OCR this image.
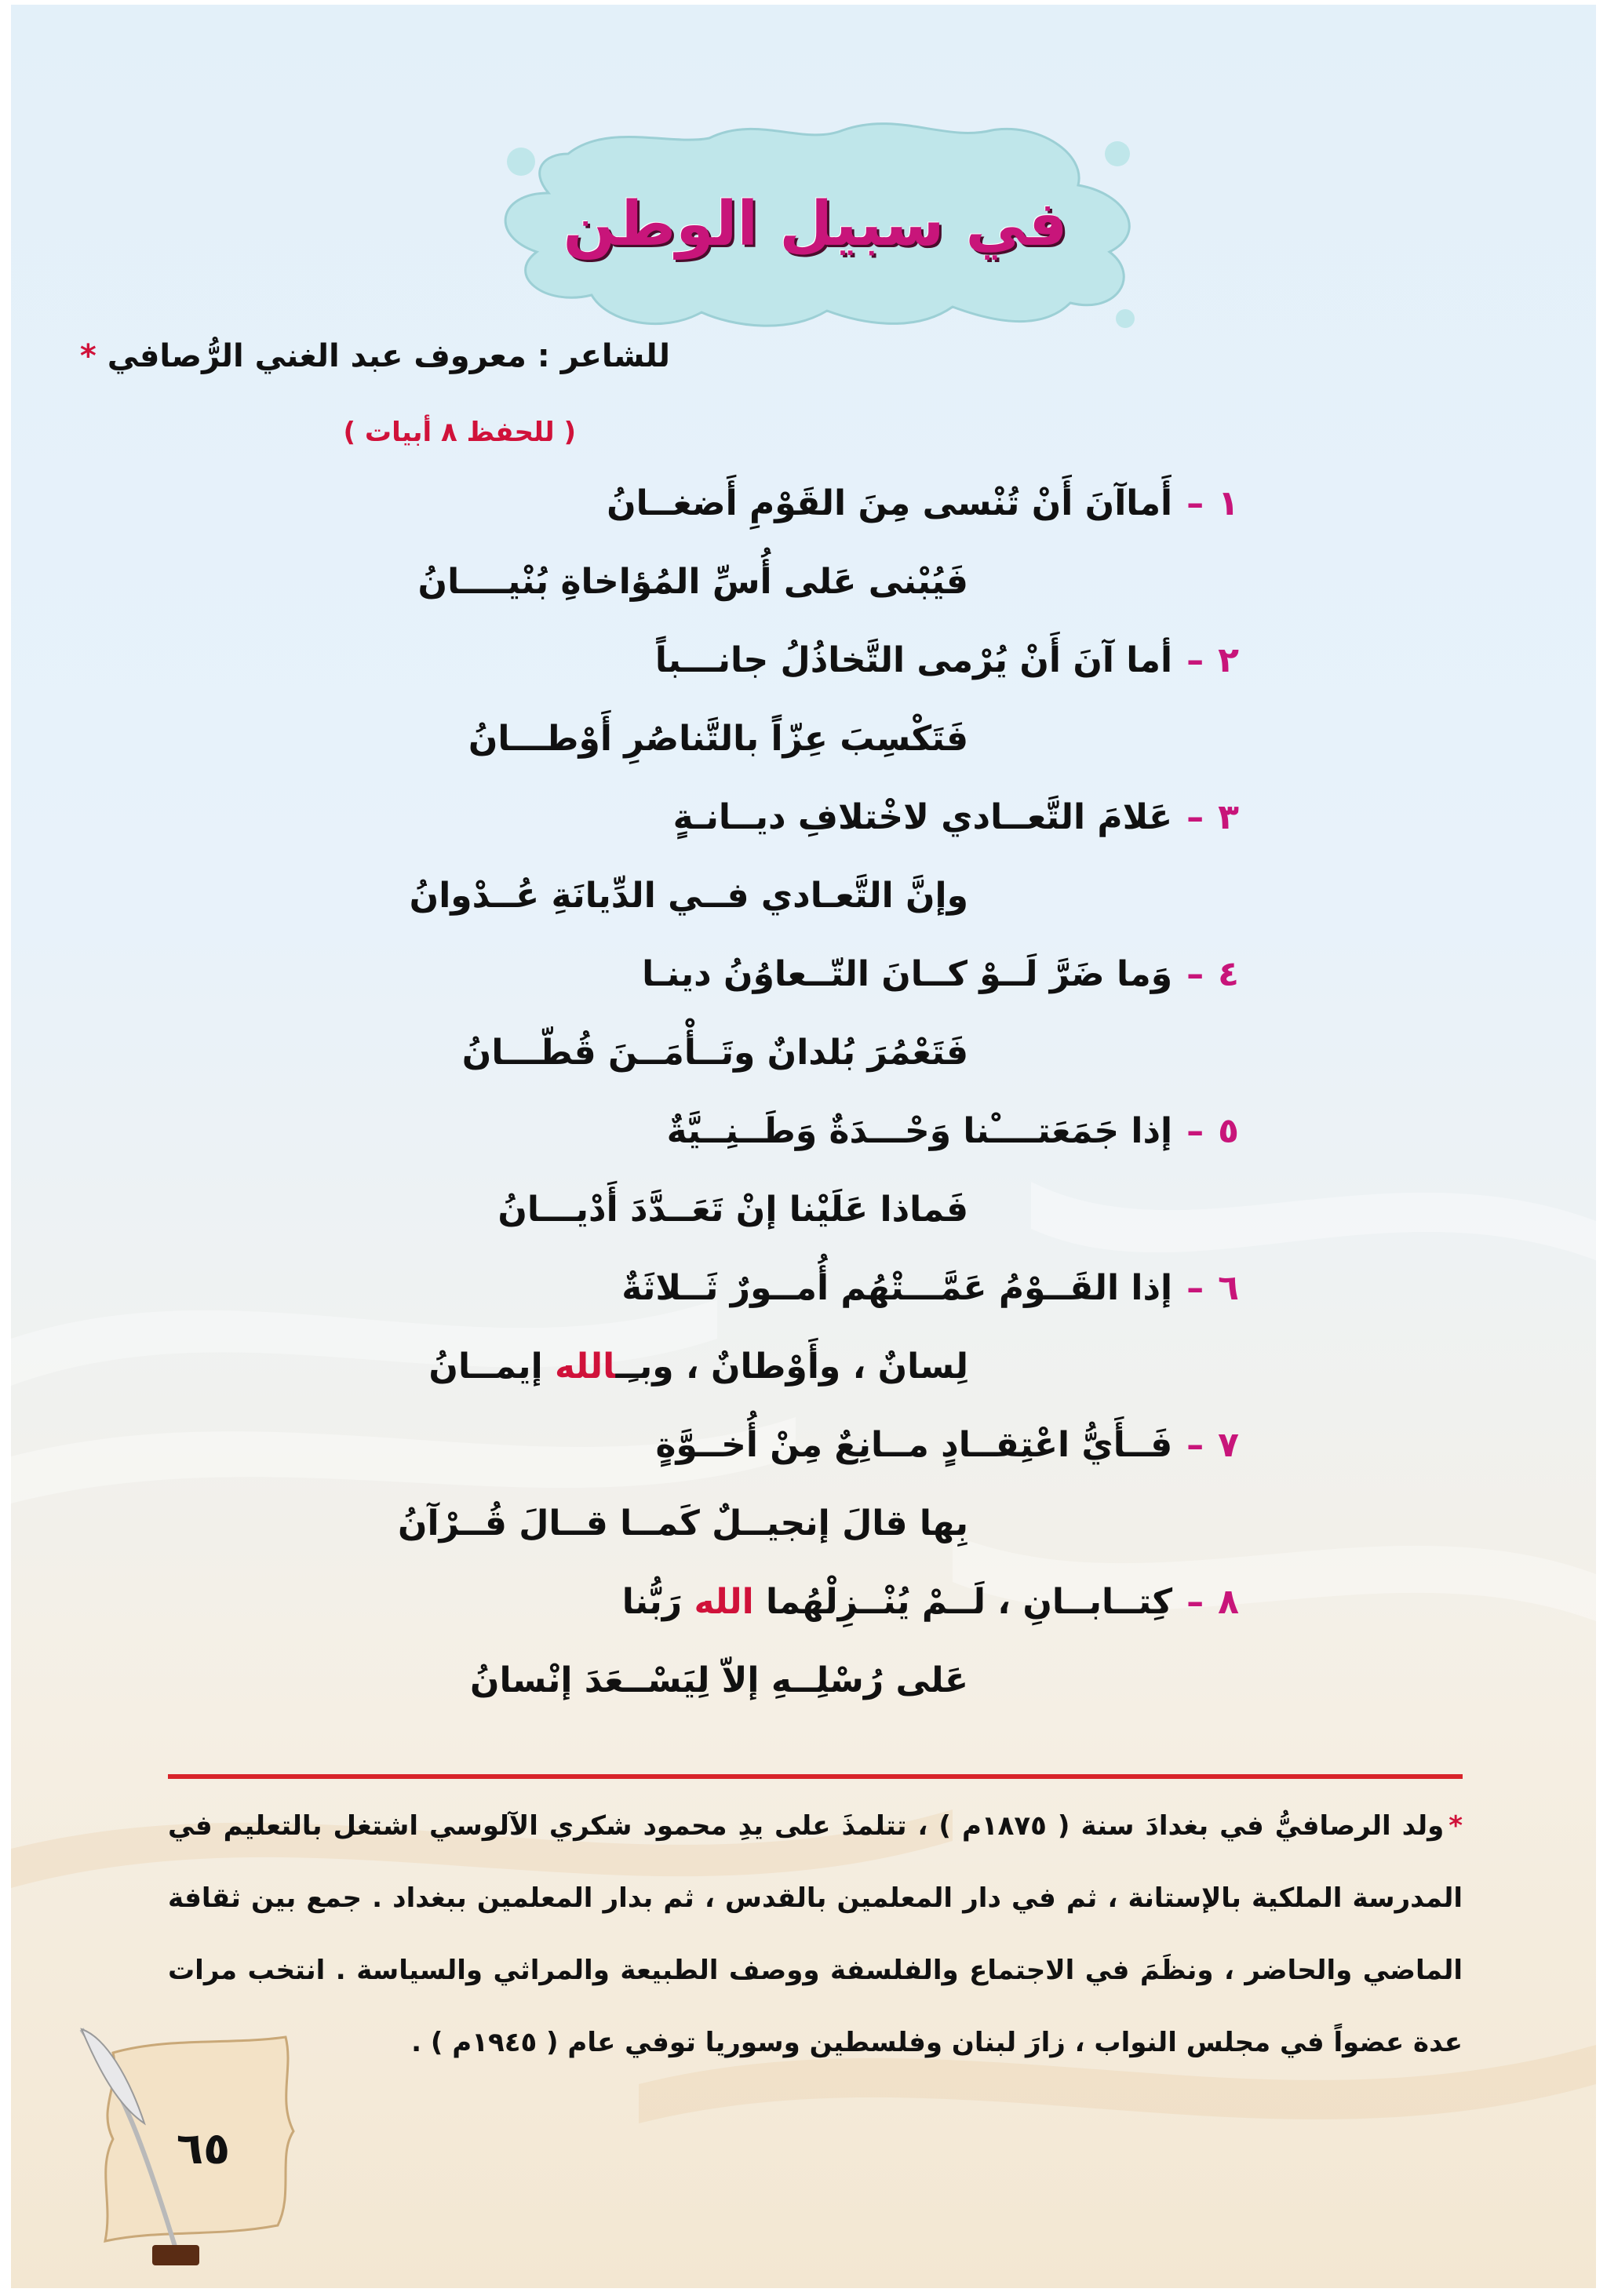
في سبيل الوطن
للشاعر : معروف عبد الغني الرُّصافي *
( للحفظ ٨ أبيات )
١–أَماآنَ أَنْ تُنْسى مِنَ القَوْمِ أَضغــانُ
فَيُبْنى عَلى أُسِّ المُؤاخاةِ بُنْيــــانُ
٢–أما آنَ أَنْ يُرْمى التَّخاذُلُ جانـــباً
فَتَكْسِبَ عِزّاً بالتَّناصُرِ أَوْطـــانُ
٣–عَلامَ التَّعــادي لاخْتلافِ ديــانـةٍ
وإنَّ التَّعـادي فــي الدِّيانَةِ عُــدْوانُ
٤–وَما ضَرَّ لَــوْ كــانَ التّــعاوُنُ دينـا
فَتَعْمُرَ بُلدانٌ وتَــأْمَــنَ قُطّـــانُ
٥–إذا جَمَعَتــــْنا وَحْـــدَةٌ وَطَــنِــيَّةٌ
فَماذا عَلَيْنا إنْ تَعَــدَّدَ أَدْيـــانُ
٦–إذا القَــوْمُ عَمَّـــتْهُم أُمــورٌ ثَــلاثَةٌ
لِسانٌ ، وأَوْطانٌ ، وبـِـالله إيمــانُ
٧–فَــأَيُّ اعْتِقــادٍ مــانِعٌ مِنْ أُخــوَّةٍ
بِها قالَ إنجيــلٌ كَمــا قــالَ قُــرْآنُ
٨–كِتــابــانِ ، لَــمْ يُنْــزِلْهُما الله رَبُّنا
عَلى رُسْلِــهِ إلاّ لِيَسْــعَدَ إنْسانُ
*ولد الرصافيُّ في بغدادَ سنة ( ١٨٧٥م ) ، تتلمذَ على يدِ محمود شكري الآلوسي اشتغل بالتعليم في المدرسة الملكية بالإستانة ، ثم في دار المعلمين بالقدس ، ثم بدار المعلمين ببغداد . جمع بين ثقافة الماضي والحاضر ، ونظَمَ في الاجتماع والفلسفة ووصف الطبيعة والمراثي والسياسة . انتخب مرات عدة عضواً في مجلس النواب ، زارَ لبنان وفلسطين وسوريا توفي عام ( ١٩٤٥م ) .
٦٥
